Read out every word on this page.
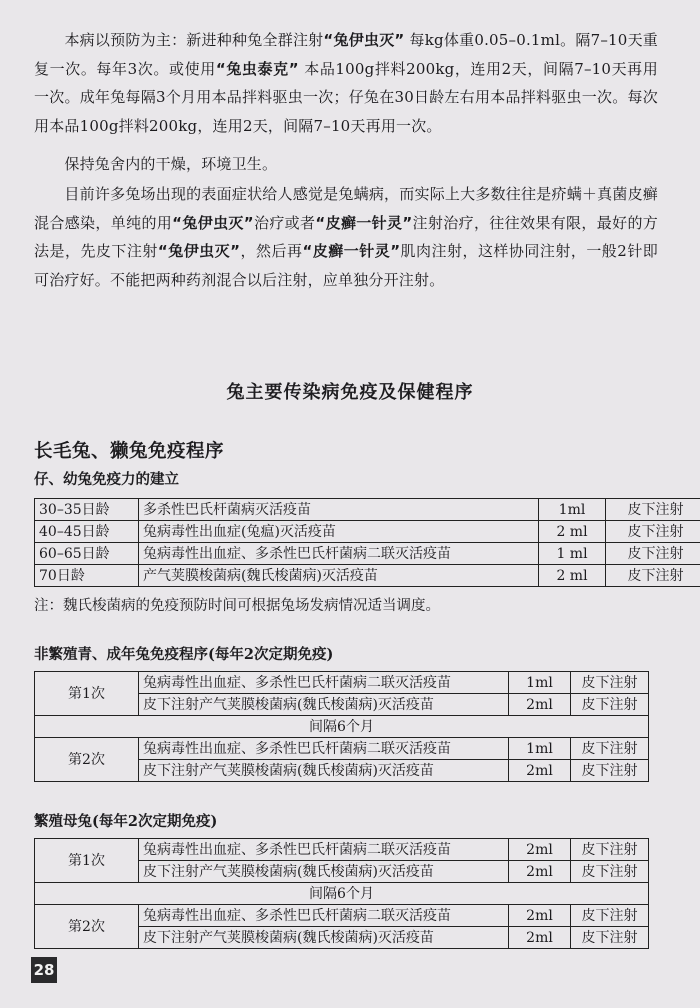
  本病以预防为主：新进种种兔全群注射“兔伊虫灭” 每kg体重0.05–0.1ml。隔7–10天重复一次。每年3次。或使用“兔虫泰克” 本品100g拌料200kg，连用2天，间隔7–10天再用一次。成年兔每隔3个月用本品拌料驱虫一次；仔兔在30日龄左右用本品拌料驱虫一次。每次用本品100g拌料200kg，连用2天，间隔7–10天再用一次。

  保持兔舍内的干燥，环境卫生。

  目前许多兔场出现的表面症状给人感觉是兔螨病，而实际上大多数往往是疥螨＋真菌皮癣混合感染，单纯的用“兔伊虫灭”治疗或者“皮癣一针灵”注射治疗，往往效果有限，最好的方法是，先皮下注射“兔伊虫灭”，然后再“皮癣一针灵”肌肉注射，这样协同注射，一般2针即可治疗好。不能把两种药剂混合以后注射，应单独分开注射。

兔主要传染病免疫及保健程序
长毛兔、獭兔免疫程序
仔、幼兔免疫力的建立
30–35日龄	多杀性巴氏杆菌病灭活疫苗	1ml	皮下注射
40–45日龄	兔病毒性出血症(兔瘟)灭活疫苗	2 ml	皮下注射
60–65日龄	兔病毒性出血症、多杀性巴氏杆菌病二联灭活疫苗	1 ml	皮下注射
70日龄	产气荚膜梭菌病(魏氏梭菌病)灭活疫苗	2 ml	皮下注射
注：魏氏梭菌病的免疫预防时间可根据兔场发病情况适当调度。
非繁殖青、成年兔免疫程序(每年2次定期免疫)
第1次	兔病毒性出血症、多杀性巴氏杆菌病二联灭活疫苗	1ml	皮下注射
	皮下注射产气荚膜梭菌病(魏氏梭菌病)灭活疫苗	2ml	皮下注射
间隔6个月			
第2次	兔病毒性出血症、多杀性巴氏杆菌病二联灭活疫苗	1ml	皮下注射
	皮下注射产气荚膜梭菌病(魏氏梭菌病)灭活疫苗	2ml	皮下注射
繁殖母兔(每年2次定期免疫)
第1次	兔病毒性出血症、多杀性巴氏杆菌病二联灭活疫苗	2ml	皮下注射
	皮下注射产气荚膜梭菌病(魏氏梭菌病)灭活疫苗	2ml	皮下注射
间隔6个月			
第2次	兔病毒性出血症、多杀性巴氏杆菌病二联灭活疫苗	2ml	皮下注射
	皮下注射产气荚膜梭菌病(魏氏梭菌病)灭活疫苗	2ml	皮下注射
28
